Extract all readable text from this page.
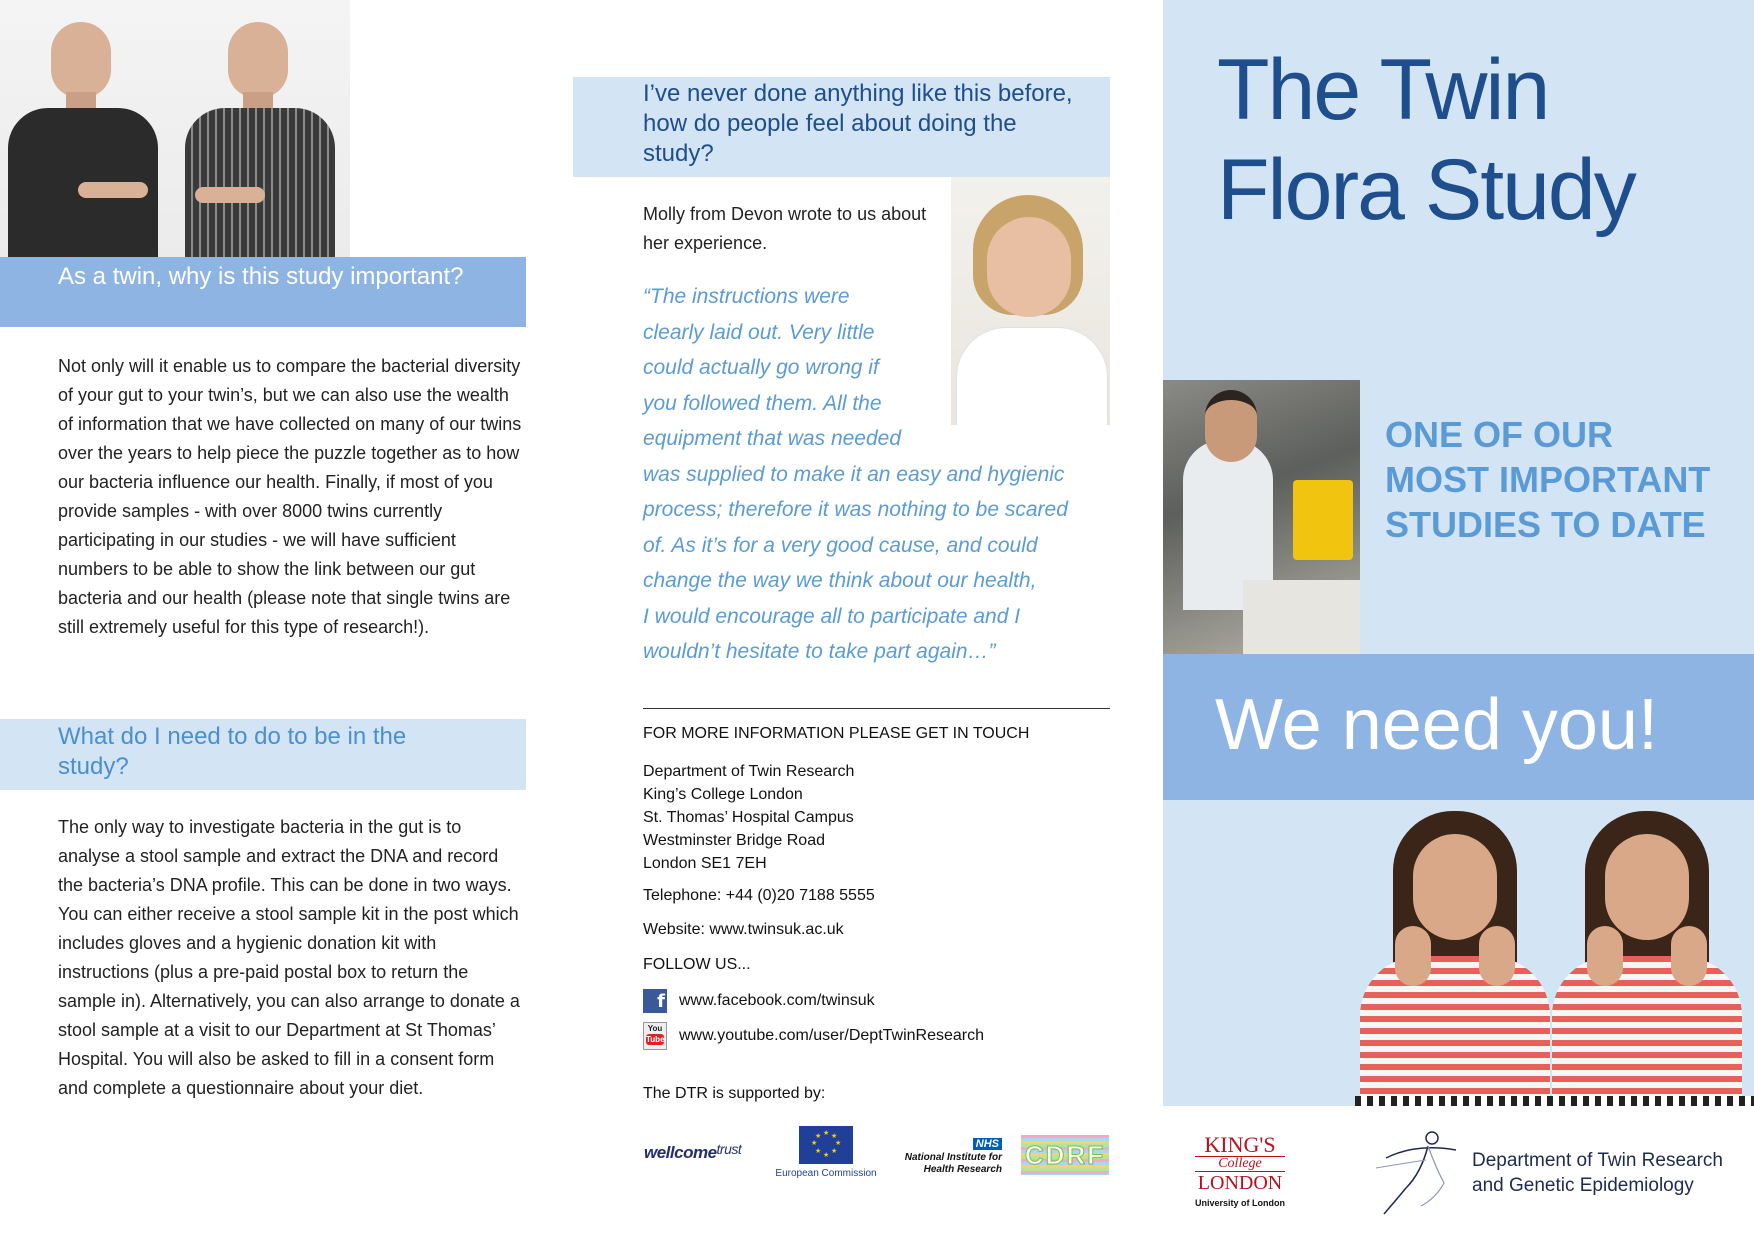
As a twin, why is this study important?

Not only will it enable us to compare the bacterial diversity of your gut to your twin’s, but we can also use the wealth of information that we have collected on many of our twins over the years to help piece the puzzle together as to how our bacteria influence our health. Finally, if most of you provide samples - with over 8000 twins currently participating in our studies - we will have sufficient numbers to be able to show the link between our gut bacteria and our health (please note that single twins are still extremely useful for this type of research!).

What do I need to do to be in the study?

The only way to investigate bacteria in the gut is to analyse a stool sample and extract the DNA and record the bacteria’s DNA profile. This can be done in two ways. You can either receive a stool sample kit in the post which includes gloves and a hygienic donation kit with instructions (plus a pre-paid postal box to return the sample in). Alternatively, you can also arrange to donate a stool sample at a visit to our Department at St Thomas’ Hospital. You will also be asked to fill in a consent form and complete a questionnaire about your diet.

I’ve never done anything like this before, how do people feel about doing the study?

Molly from Devon wrote to us about her experience.

“The instructions were
clearly laid out. Very little
could actually go wrong if
you followed them. All the
equipment that was needed
was supplied to make it an easy and hygienic
process; therefore it was nothing to be scared
of. As it’s for a very good cause, and could
change the way we think about our health,
I would encourage all to participate and I
wouldn’t hesitate to take part again…”
FOR MORE INFORMATION PLEASE GET IN TOUCH
Department of Twin Research
King’s College London
St. Thomas’ Hospital Campus
Westminster Bridge Road
London SE1 7EH
Telephone: +44 (0)20 7188 5555
Website: www.twinsuk.ac.uk
FOLLOW US...
f www.facebook.com/twinsuk
You
Tube www.youtube.com/user/DeptTwinResearch
The DTR is supported by:
wellcome$_{trust}$
★ ★
★
★
★
★
★
★
European Commission
NHS
National Institute for Health Research CDRF
The Twin
Flora Study
ONE OF OUR
MOST IMPORTANT
STUDIES TO DATE
We need you!
KING'S
College
LONDON
University of London
Department of Twin Research
and Genetic Epidemiology
